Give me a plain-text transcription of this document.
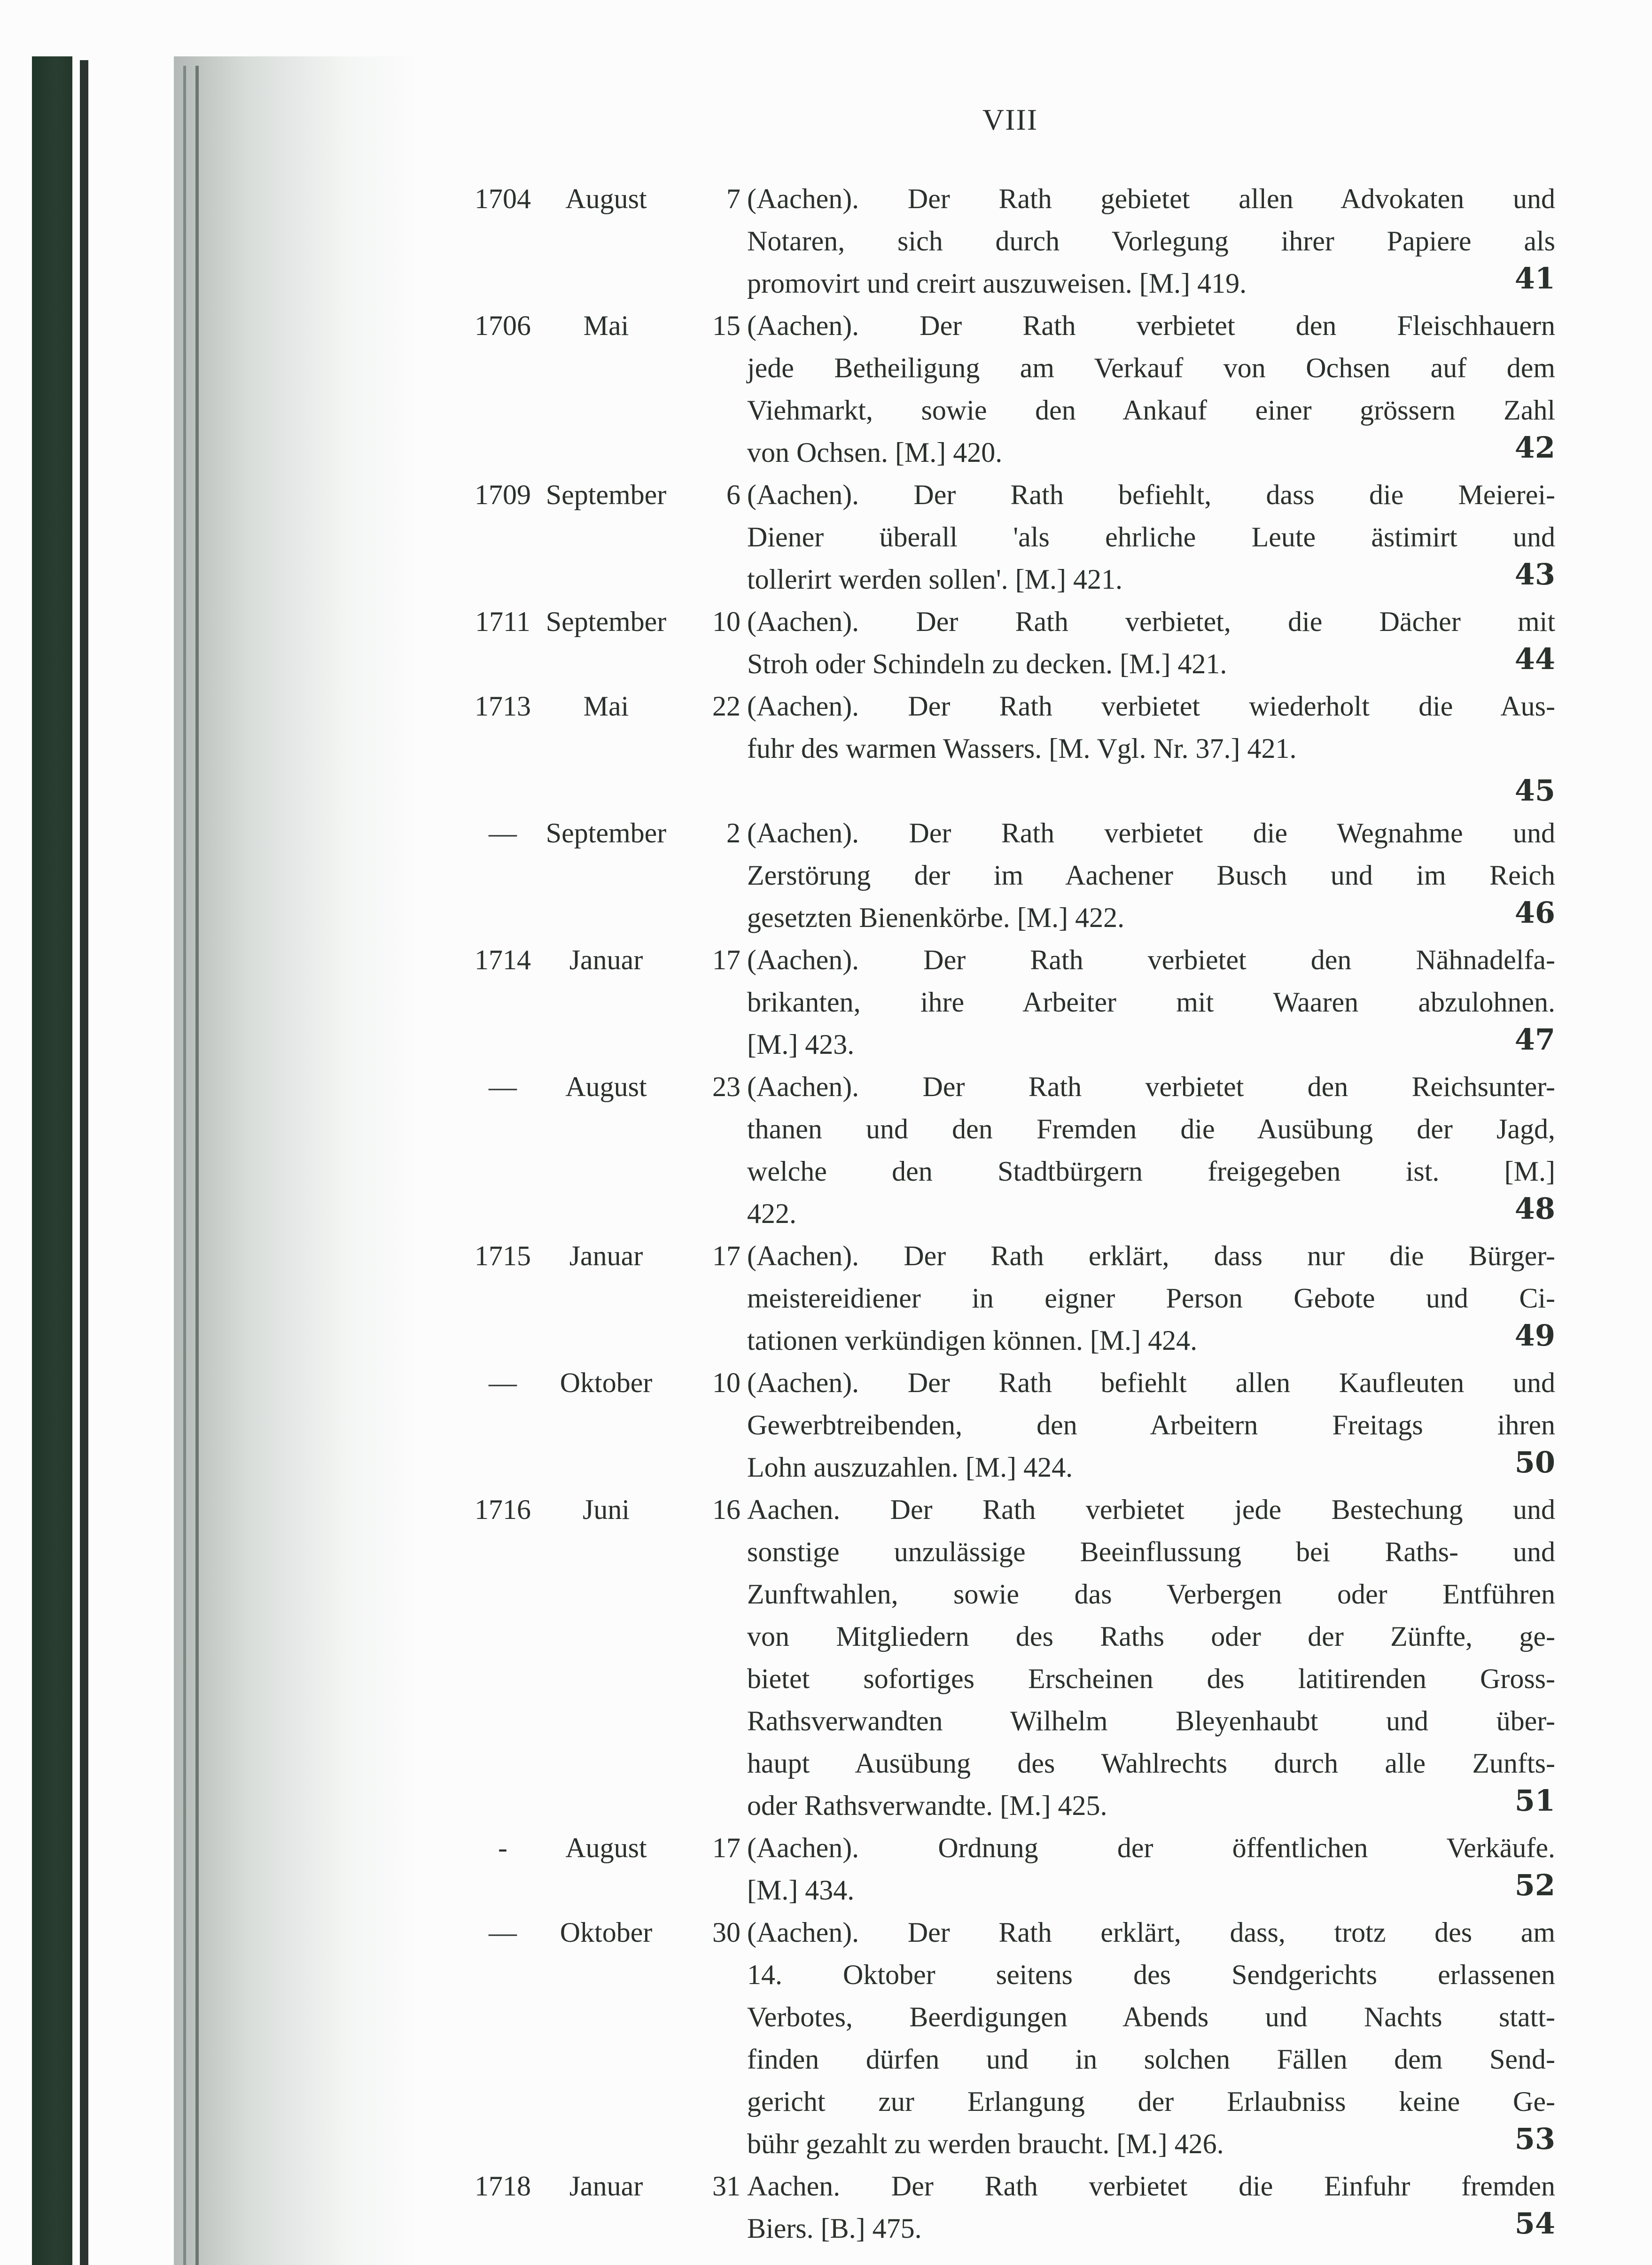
VIII
1704	August	7 (Aachen). Der Rath gebietet allen Advokaten und
Notaren, sich durch Vorlegung ihrer Papiere als
promovirt und creirt auszuweisen. [M.] 419.	41
1706	Mai	15 (Aachen). Der Rath verbietet den Fleischhauern
jede Betheiligung am Verkauf von Ochsen auf dem
Viehmarkt, sowie den Ankauf einer grössern Zahl
von Ochsen. [M.] 420.	42
1709 September	6 (Aachen). Der Rath befiehlt, dass die Meierei-
Diener überall 'als ehrliche Leute ästimirt und
tollerirt werden sollen'. [M.] 421.	43
1711 September	10 (Aachen). Der Rath verbietet, die Dächer mit
Stroh oder Schindeln zu decken. [M.] 421.	44
1713	Mai	22 (Aachen). Der Rath verbietet wiederholt die Aus-
fuhr des warmen Wassers. [M. Vgl. Nr. 37.] 421.

45
—	September	2 (Aachen). Der Rath verbietet die Wegnahme und
Zerstörung der im Aachener Busch und im Reich
gesetzten Bienenkörbe. [M.] 422.	46
1714	Januar	17 (Aachen). Der Rath verbietet den Nähnadelfa-
brikanten, ihre Arbeiter mit Waaren abzulohnen.
[M.] 423.	47
—	August	23 (Aachen). Der Rath verbietet den Reichsunter-
thanen und den Fremden die Ausübung der Jagd,
welche den Stadtbürgern freigegeben ist. [M.]
422.	48
1715	Januar	17 (Aachen). Der Rath erklärt, dass nur die Bürger-
meistereidiener in eigner Person Gebote und Ci-
tationen verkündigen können. [M.] 424.	49
—	Oktober	10 (Aachen). Der Rath befiehlt allen Kaufleuten und
Gewerbtreibenden, den Arbeitern Freitags ihren
Lohn auszuzahlen. [M.] 424.	50
1716	Juni	16 Aachen. Der Rath verbietet jede Bestechung und
sonstige unzulässige Beeinflussung bei Raths- und
Zunftwahlen, sowie das Verbergen oder Entführen
von Mitgliedern des Raths oder der Zünfte, ge-
bietet sofortiges Erscheinen des latitirenden Gross-
Rathsverwandten Wilhelm Bleyenhaubt und über-
haupt Ausübung des Wahlrechts durch alle Zunfts-
oder Rathsverwandte. [M.] 425.	51
-	August	17 (Aachen). Ordnung der öffentlichen Verkäufe.
[M.] 434.	52
—	Oktober	30 (Aachen). Der Rath erklärt, dass, trotz des am
14. Oktober seitens des Sendgerichts erlassenen
Verbotes, Beerdigungen Abends und Nachts statt-
finden dürfen und in solchen Fällen dem Send-
gericht zur Erlangung der Erlaubniss keine Ge-
bühr gezahlt zu werden braucht. [M.] 426.	53
1718	Januar	31 Aachen. Der Rath verbietet die Einfuhr fremden
Biers. [B.] 475.	54
